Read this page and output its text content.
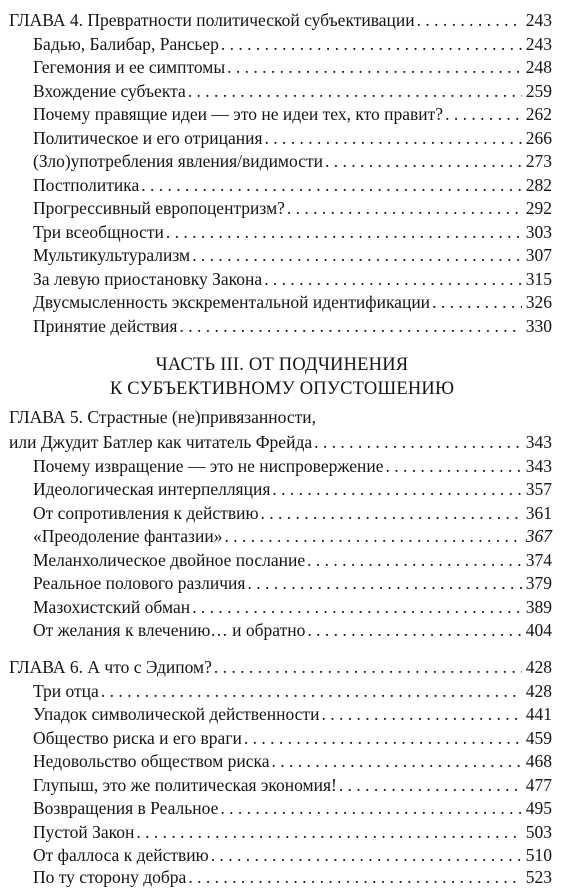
ГЛАВА 4. Превратности политической субъективации . . .	243
Бадью, Балибар, Рансьер . . .	243
Гегемония и ее симптомы . . .	248
Вхождение субъекта . . .	259
Почему правящие идеи — это не идеи тех, кто правит? . . .	262
Политическое и его отрицания . . .	266
(Зло)употребления явления/видимости . . .	273
Постполитика . . .	282
Прогрессивный европоцентризм? . . .	292
Три всеобщности . . .	303
Мультикультурализм . . .	307
За левую приостановку Закона . . .	315
Двусмысленность экскрементальной идентификации . . .	326
Принятие действия . . .	330
ЧАСТЬ III. ОТ ПОДЧИНЕНИЯ
К СУБЪЕКТИВНОМУ ОПУСТОШЕНИЮ
ГЛАВА 5. Страстные (не)привязанности,
или Джудит Батлер как читатель Фрейда . . .	343
Почему извращение — это не ниспровержение . . .	343
Идеологическая интерпелляция . . .	357
От сопротивления к действию . . .	361
«Преодоление фантазии» . . .	367
Меланхолическое двойное послание . . .	374
Реальное полового различия . . .	379
Мазохистский обман . . .	389
От желания к влечению… и обратно . . .	404
ГЛАВА 6. А что с Эдипом? . . .	428
Три отца . . .	428
Упадок символической действенности . . .	441
Общество риска и его враги . . .	459
Недовольство обществом риска . . .	468
Глупыш, это же политическая экономия! . . .	477
Возвращения в Реальное . . .	495
Пустой Закон . . .	503
От фаллоса к действию . . .	510
По ту сторону добра . . .	523
